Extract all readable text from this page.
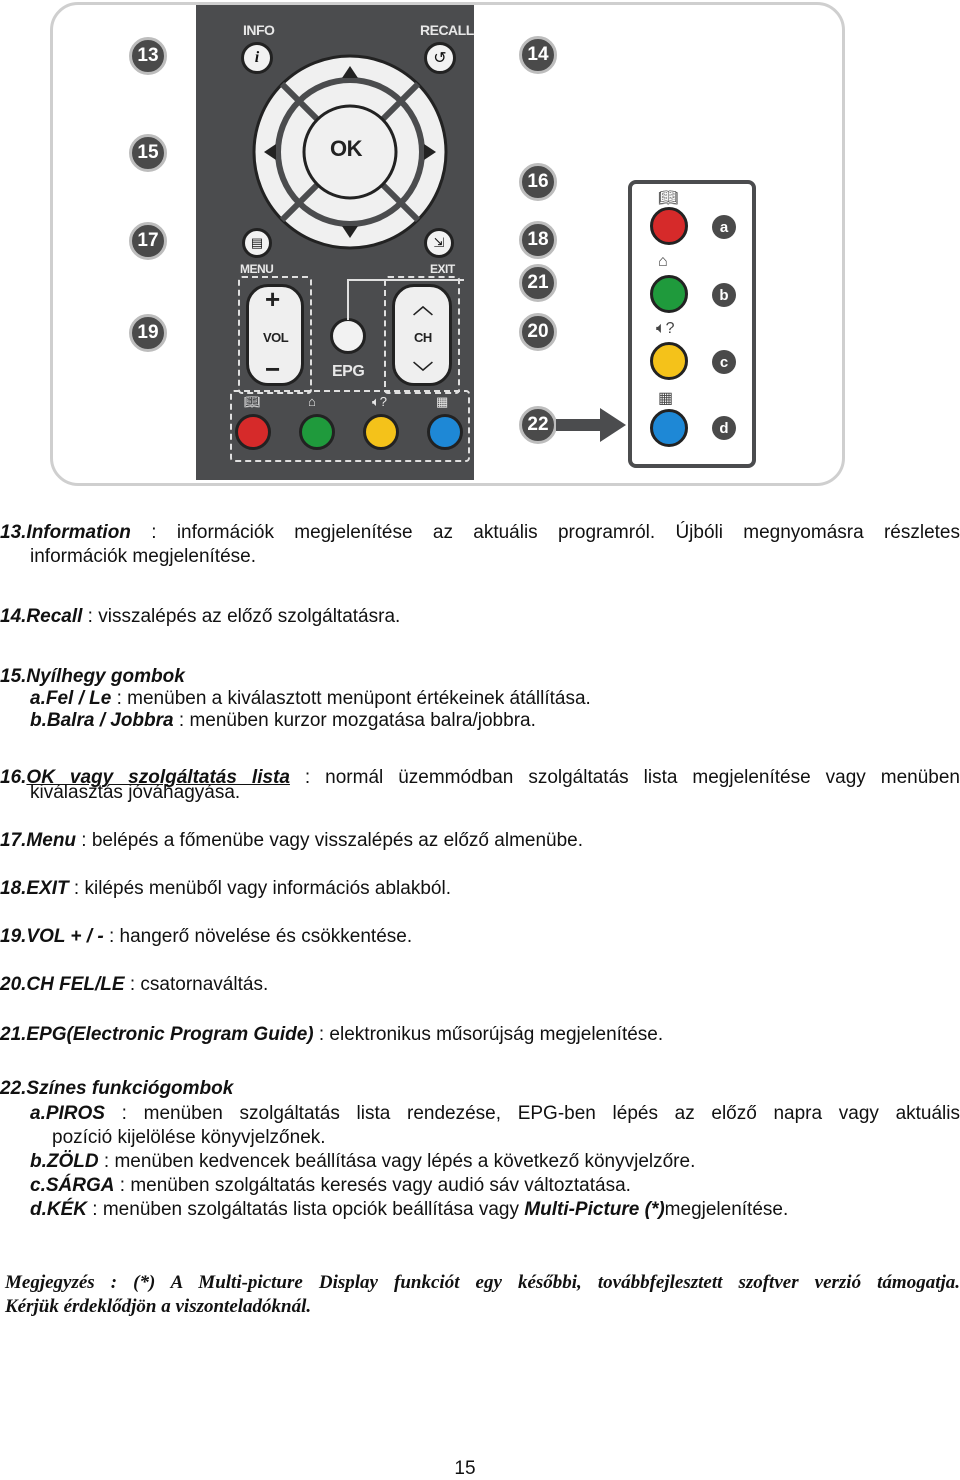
INFO	RECALL
i	↺
OK
▤	⇲
MENU	EXIT
+
VOL
−	EPG
︿
CH
﹀
📖︎	⌂	🔈︎?	▦
13	14
15
16
17	18
21
19	20
22
📖︎
a
⌂
b
🔈︎?
c
▦
d
13.Information : információk megjelenítése az aktuális programról. Újbóli megnyomásra részletes
információk megjelenítése.
14.Recall : visszalépés az előző szolgáltatásra.
15.Nyílhegy gombok
a.Fel / Le : menüben a kiválasztott menüpont értékeinek átállítása.
b.Balra / Jobbra : menüben kurzor mozgatása balra/jobbra.
16.OK vagy szolgáltatás lista : normál üzemmódban szolgáltatás lista megjelenítése vagy menüben
kiválasztás jóváhagyása.
17.Menu : belépés a főmenübe vagy visszalépés az előző almenübe.
18.EXIT : kilépés menüből vagy információs ablakból.
19.VOL + / - : hangerő növelése és csökkentése.
20.CH FEL/LE : csatornaváltás.
21.EPG(Electronic Program Guide) : elektronikus műsorújság megjelenítése.
22.Színes funkciógombok
a.PIROS : menüben szolgáltatás lista rendezése, EPG-ben lépés az előző napra vagy aktuális
pozíció kijelölése könyvjelzőnek.
b.ZÖLD : menüben kedvencek beállítása vagy lépés a következő könyvjelzőre.
c.SÁRGA : menüben szolgáltatás keresés vagy audió sáv változtatása.
d.KÉK : menüben szolgáltatás lista opciók beállítása vagy Multi-Picture (*)megjelenítése.
Megjegyzés : (*) A Multi-picture Display funkciót egy későbbi, továbbfejlesztett szoftver verzió támogatja.
Kérjük érdeklődjön a viszonteladóknál.
15
